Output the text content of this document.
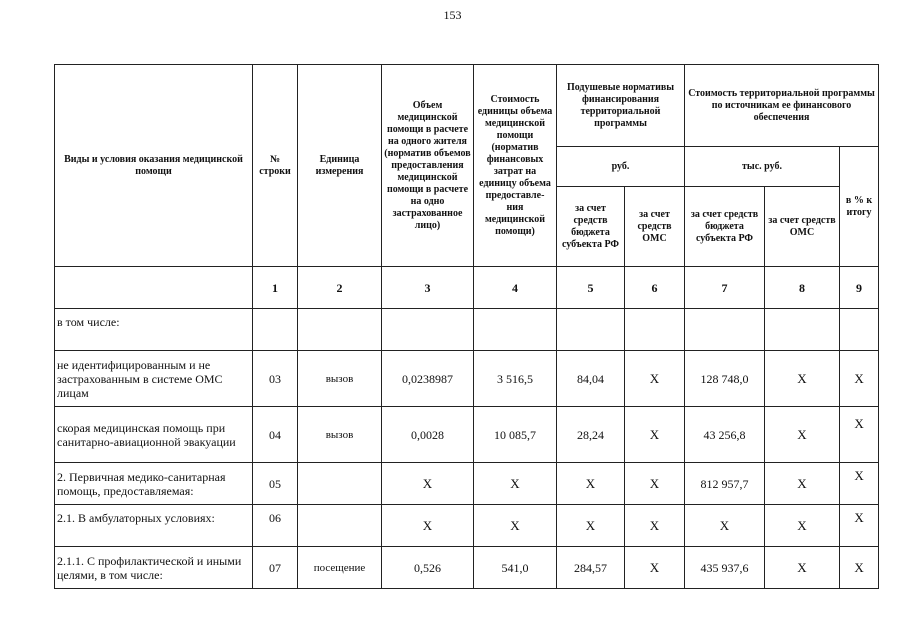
153
Виды и условия оказания медицинской помощи	№ строки	Единица измерения	Объем медицинской помощи в расчете на одного жителя (норматив объемов предоставления медицинской помощи в расчете на одно застрахованное лицо)	Стоимость единицы объема медицинской помощи (норматив финансовых затрат на единицу объема предоставле- ния медицинской помощи)	Подушевые нормативы финансирования территориальной программы		Стоимость территориальной программы по источникам ее финансового обеспечения		
					руб.		тыс. руб.		в % к итогу
					за счет средств бюджета субъекта РФ	за счет средств ОМС	за счет средств бюджета субъекта РФ	за счет средств ОМС	
	1	2	3	4	5	6	7	8	9
в том числе:									
не идентифицированным и не застрахованным в системе ОМС лицам	03	вызов	0,0238987	3 516,5	84,04	X	128 748,0	X	X
скорая медицинская помощь при санитарно-авиационной эвакуации	04	вызов	0,0028	10 085,7	28,24	X	43 256,8	X	X
2. Первичная медико-санитарная помощь, предоставляемая:	05		X	X	X	X	812 957,7	X	X
2.1. В амбулаторных условиях:	06		X	X	X	X	X	X	X
2.1.1. С профилактической и иными целями, в том числе:	07	посещение	0,526	541,0	284,57	X	435 937,6	X	X
